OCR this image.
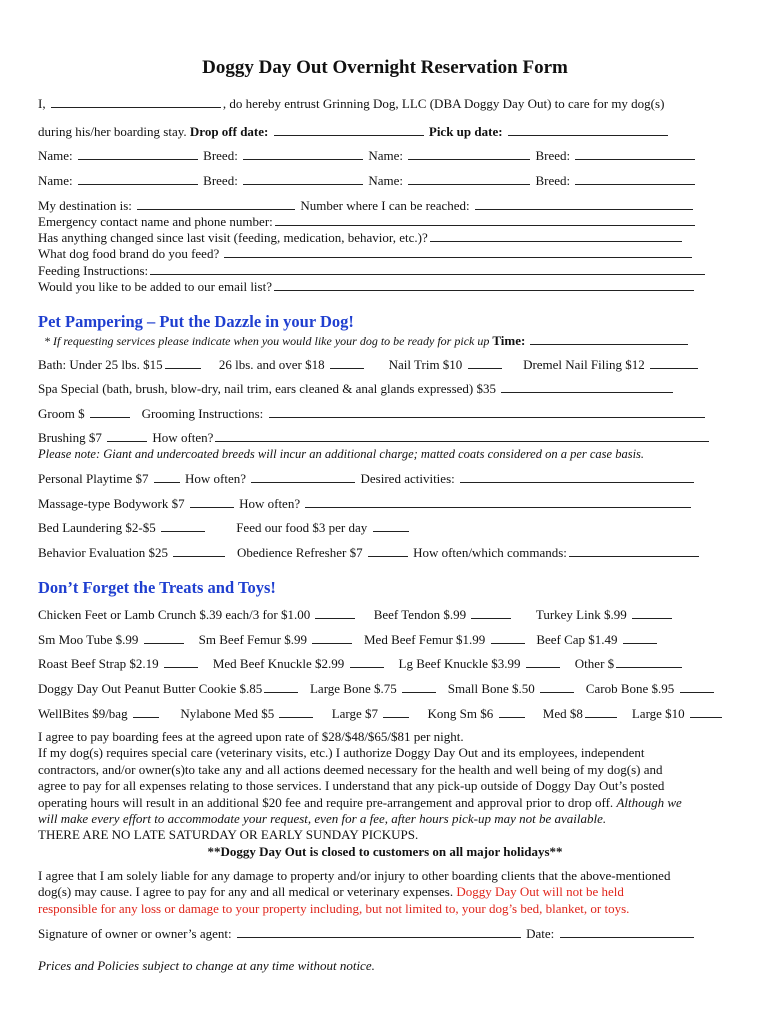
Doggy Day Out Overnight Reservation Form
I,	, do hereby entrust Grinning Dog, LLC (DBA Doggy Day Out) to care for my dog(s)
during his/her boarding stay. Drop off date:	Pick up date:
Name:	Breed:	Name:	Breed:
Name:	Breed:	Name:	Breed:
My destination is:	Number where I can be reached:
Emergency contact name and phone number:
Has anything changed since last visit (feeding, medication, behavior, etc.)?
What dog food brand do you feed?
Feeding Instructions:
Would you like to be added to our email list?
Pet Pampering – Put the Dazzle in your Dog!
* If requesting services please indicate when you would like your dog to be ready for pick up Time:
Bath: Under 25 lbs. $15	26 lbs. and over $18	Nail Trim $10	Dremel Nail Filing $12
Spa Special (bath, brush, blow-dry, nail trim, ears cleaned & anal glands expressed) $35
Groom $	Grooming Instructions:
Brushing $7	How often?
Please note: Giant and undercoated breeds will incur an additional charge; matted coats considered on a per case basis.
Personal Playtime $7	How often?	Desired activities:
Massage-type Bodywork $7	How often?
Bed Laundering $2-$5	Feed our food $3 per day
Behavior Evaluation $25	Obedience Refresher $7	How often/which commands:
Don’t Forget the Treats and Toys!
Chicken Feet or Lamb Crunch $.39 each/3 for $1.00	Beef Tendon $.99	Turkey Link $.99
Sm Moo Tube $.99	Sm Beef Femur $.99	Med Beef Femur $1.99	Beef Cap $1.49
Roast Beef Strap $2.19	Med Beef Knuckle $2.99	Lg Beef Knuckle $3.99	Other $
Doggy Day Out Peanut Butter Cookie $.85	Large Bone $.75	Small Bone $.50	Carob Bone $.95
WellBites $9/bag	Nylabone Med $5	Large $7	Kong Sm $6	Med $8	Large $10
I agree to pay boarding fees at the agreed upon rate of $28/$48/$65/$81 per night.
If my dog(s) requires special care (veterinary visits, etc.) I authorize Doggy Day Out and its employees, independent
contractors, and/or owner(s)to take any and all actions deemed necessary for the health and well being of my dog(s) and
agree to pay for all expenses relating to those services. I understand that any pick-up outside of Doggy Day Out’s posted
operating hours will result in an additional $20 fee and require pre-arrangement and approval prior to drop off. Although we
will make every effort to accommodate your request, even for a fee, after hours pick-up may not be available.
THERE ARE NO LATE SATURDAY OR EARLY SUNDAY PICKUPS.
**Doggy Day Out is closed to customers on all major holidays**
I agree that I am solely liable for any damage to property and/or injury to other boarding clients that the above-mentioned
dog(s) may cause. I agree to pay for any and all medical or veterinary expenses. Doggy Day Out will not be held
responsible for any loss or damage to your property including, but not limited to, your dog’s bed, blanket, or toys.
Signature of owner or owner’s agent:	Date:
Prices and Policies subject to change at any time without notice.
